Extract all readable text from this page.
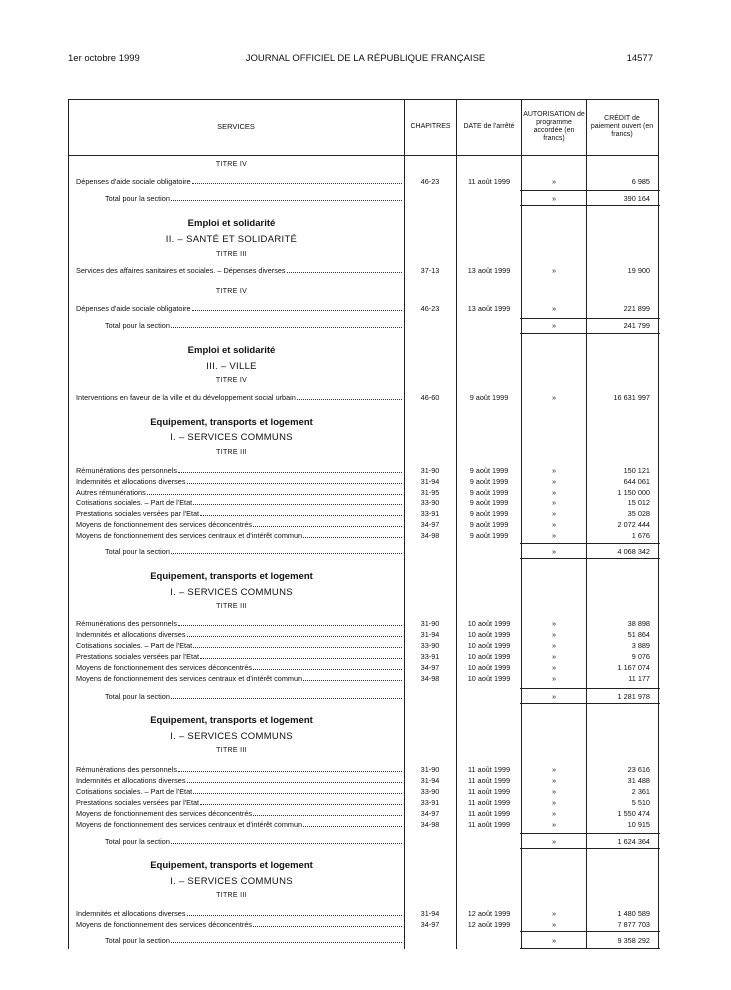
1er octobre 1999	JOURNAL OFFICIEL DE LA RÉPUBLIQUE FRANÇAISE	14577
SERVICES	CHAPITRES	DATE de l'arrêté
AUTORISATION de programme accordée (en francs)
CRÉDIT de paiement ouvert (en francs)
TITRE IV
Dépenses d'aide sociale obligatoire	46-23	11 août 1999	»	6 985
Total pour la section	»	390 164
Emploi et solidarité
II. – SANTÉ ET SOLIDARITÉ
TITRE III
Services des affaires sanitaires et sociales. – Dépenses diverses	37-13	13 août 1999	»	19 900
TITRE IV
Dépenses d'aide sociale obligatoire	46-23	13 août 1999	»	221 899
Total pour la section	»	241 799
Emploi et solidarité
III. – VILLE
TITRE IV
Interventions en faveur de la ville et du développement social urbain	46-60	9 août 1999	»	16 631 997
Equipement, transports et logement
I. – SERVICES COMMUNS
TITRE III
Rémunérations des personnels	31-90	9 août 1999	»	150 121
Indemnités et allocations diverses	31-94	9 août 1999	»	644 061
Autres rémunérations	31-95	9 août 1999	»	1 150 000
Cotisations sociales. – Part de l'Etat	33-90	9 août 1999	»	15 012
Prestations sociales versées par l'Etat	33-91	9 août 1999	»	35 028
Moyens de fonctionnement des services déconcentrés	34-97	9 août 1999	»	2 072 444
Moyens de fonctionnement des services centraux et d'intérêt commun	34-98	9 août 1999	»	1 676
Total pour la section	»	4 068 342
Equipement, transports et logement
I. – SERVICES COMMUNS
TITRE III
Rémunérations des personnels	31-90	10 août 1999	»	38 898
Indemnités et allocations diverses	31-94	10 août 1999	»	51 864
Cotisations sociales. – Part de l'Etat	33-90	10 août 1999	»	3 889
Prestations sociales versées par l'Etat	33-91	10 août 1999	»	9 076
Moyens de fonctionnement des services déconcentrés	34-97	10 août 1999	»	1 167 074
Moyens de fonctionnement des services centraux et d'intérêt commun	34-98	10 août 1999	»	11 177
Total pour la section	»	1 281 978
Equipement, transports et logement
I. – SERVICES COMMUNS
TITRE III
Rémunérations des personnels	31-90	11 août 1999	»	23 616
Indemnités et allocations diverses	31-94	11 août 1999	»	31 488
Cotisations sociales. – Part de l'Etat	33-90	11 août 1999	»	2 361
Prestations sociales versées par l'Etat	33-91	11 août 1999	»	5 510
Moyens de fonctionnement des services déconcentrés	34-97	11 août 1999	»	1 550 474
Moyens de fonctionnement des services centraux et d'intérêt commun	34-98	11 août 1999	»	10 915
Total pour la section	»	1 624 364
Equipement, transports et logement
I. – SERVICES COMMUNS
TITRE III
Indemnités et allocations diverses	31-94	12 août 1999	»	1 480 589
Moyens de fonctionnement des services déconcentrés	34-97	12 août 1999	»	7 877 703
Total pour la section	»	9 358 292
